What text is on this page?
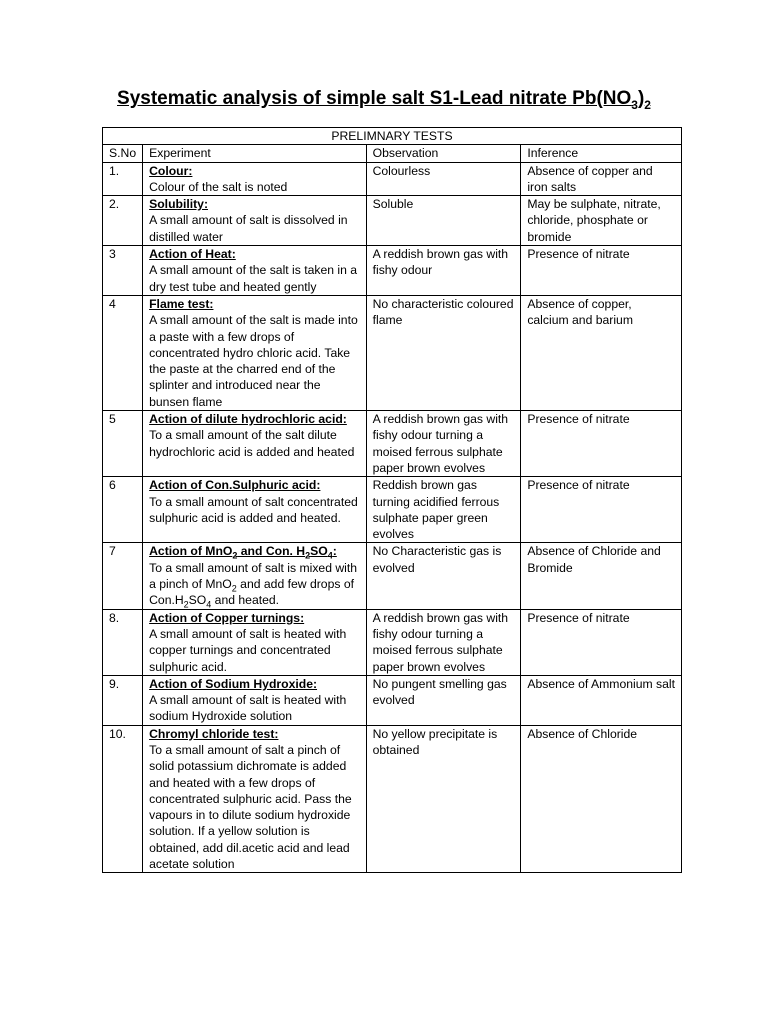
Systematic analysis of simple salt S1-Lead nitrate $Pb(NO_3)_2$
PRELIMNARY TESTS			
S.No	Experiment	Observation	Inference
1.	Colour:
Colour of the salt is noted	Colourless	Absence of copper and iron salts
2.	Solubility:
A small amount of salt is dissolved in distilled water	Soluble	May be sulphate, nitrate, chloride, phosphate or bromide
3	Action of Heat:
A small amount of the salt is taken in a dry test tube and heated gently	A reddish brown gas with fishy odour	Presence of nitrate
4	Flame test:
A small amount of the salt is made into a paste with a few drops of concentrated hydro chloric acid. Take the paste at the charred end of the splinter and introduced near the bunsen flame	No characteristic coloured flame	Absence of copper, calcium and barium
5	Action of dilute hydrochloric acid:
To a small amount of the salt dilute hydrochloric acid is added and heated	A reddish brown gas with fishy odour turning a moised ferrous sulphate paper brown evolves	Presence of nitrate
6	Action of Con.Sulphuric acid:
To a small amount of salt concentrated sulphuric acid is added and heated.	Reddish brown gas turning acidified ferrous sulphate paper green evolves	Presence of nitrate
7	Action of MnO$_2$ and Con. $H_2SO_4$:
To a small amount of salt is mixed with a pinch of MnO$_2$ and add few drops of $Con.H_2SO_4$ and heated.	No Characteristic gas is evolved	Absence of Chloride and Bromide
8.	Action of Copper turnings:
A small amount of salt is heated with copper turnings and concentrated sulphuric acid.	A reddish brown gas with fishy odour turning a moised ferrous sulphate paper brown evolves	Presence of nitrate
9.	Action of Sodium Hydroxide:
A small amount of salt is heated with sodium Hydroxide solution	No pungent smelling gas evolved	Absence of Ammonium salt
10.	Chromyl chloride test:
To a small amount of salt a pinch of solid potassium dichromate is added and heated with a few drops of concentrated sulphuric acid. Pass the vapours in to dilute sodium hydroxide solution. If a yellow solution is obtained, add dil.acetic acid and lead acetate solution	No yellow precipitate is obtained	Absence of Chloride
